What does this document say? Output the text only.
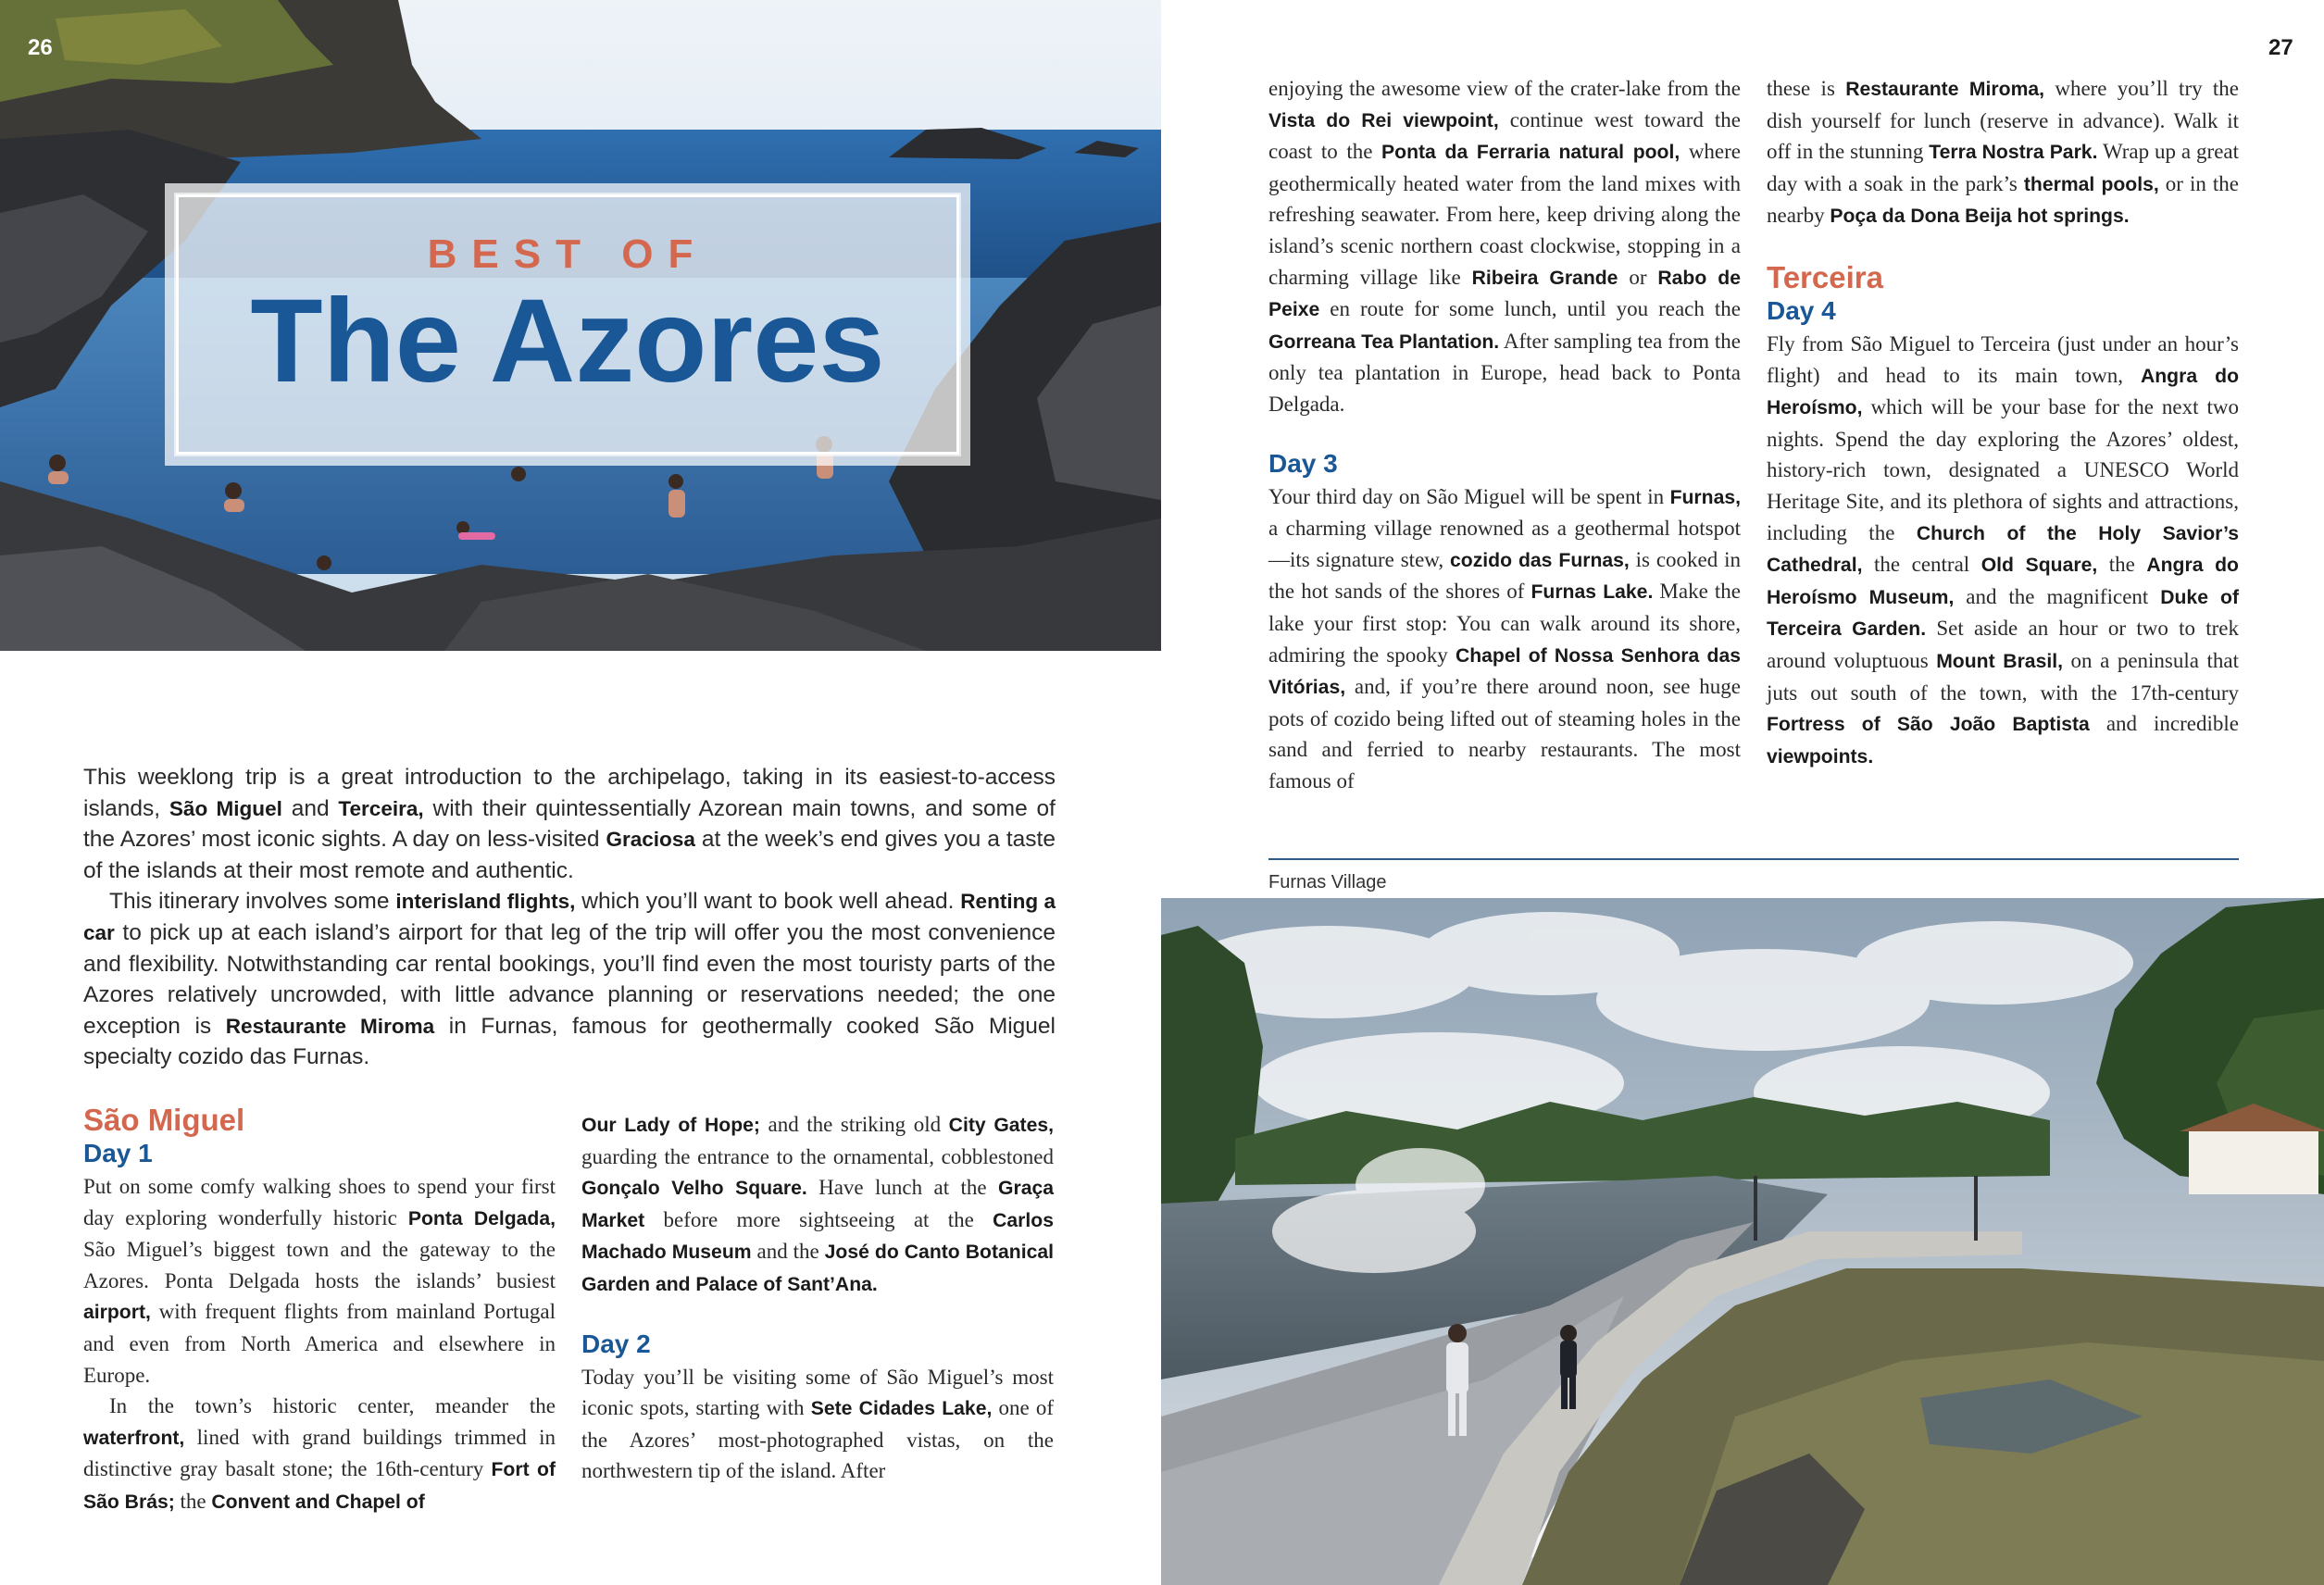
BEST OF
The Azores
26	27

This weeklong trip is a great introduction to the archipelago, taking in its easiest-to-access islands, São Miguel and Terceira, with their quintessentially Azorean main towns, and some of the Azores’ most iconic sights. A day on less-visited Graciosa at the week’s end gives you a taste of the islands at their most remote and authentic.

This itinerary involves some interisland flights, which you’ll want to book well ahead. Renting a car to pick up at each island’s airport for that leg of the trip will offer you the most convenience and flexibility. Notwithstanding car rental bookings, you’ll find even the most touristy parts of the Azores relatively uncrowded, with little advance planning or reservations needed; the one exception is Restaurante Miroma in Furnas, famous for geothermally cooked São Miguel specialty cozido das Furnas.

São Miguel
Day 1

Put on some comfy walking shoes to spend your first day exploring wonderfully historic Ponta Delgada, São Miguel’s biggest town and the gateway to the Azores. Ponta Delgada hosts the islands’ busiest airport, with frequent flights from mainland Portugal and even from North America and elsewhere in Europe.

In the town’s historic center, meander the waterfront, lined with grand buildings trimmed in distinctive gray basalt stone; the 16th-century Fort of São Brás; the Convent and Chapel of

Our Lady of Hope; and the striking old City Gates, guarding the entrance to the ornamental, cobblestoned Gonçalo Velho Square. Have lunch at the Graça Market before more sightseeing at the Carlos Machado Museum and the José do Canto Botanical Garden and Palace of Sant’Ana.

Day 2

Today you’ll be visiting some of São Miguel’s most iconic spots, starting with Sete Cidades Lake, one of the Azores’ most-photographed vistas, on the northwestern tip of the island. After

enjoying the awesome view of the crater-lake from the Vista do Rei viewpoint, continue west toward the coast to the Ponta da Ferraria natural pool, where geothermically heated water from the land mixes with refreshing seawater. From here, keep driving along the island’s scenic northern coast clockwise, stopping in a charming village like Ribeira Grande or Rabo de Peixe en route for some lunch, until you reach the Gorreana Tea Plantation. After sampling tea from the only tea plantation in Europe, head back to Ponta Delgada.

Day 3

Your third day on São Miguel will be spent in Furnas, a charming village renowned as a geothermal hotspot—its signature stew, cozido das Furnas, is cooked in the hot sands of the shores of Furnas Lake. Make the lake your first stop: You can walk around its shore, admiring the spooky Chapel of Nossa Senhora das Vitórias, and, if you’re there around noon, see huge pots of cozido being lifted out of steaming holes in the sand and ferried to nearby restaurants. The most famous of

these is Restaurante Miroma, where you’ll try the dish yourself for lunch (reserve in advance). Walk it off in the stunning Terra Nostra Park. Wrap up a great day with a soak in the park’s thermal pools, or in the nearby Poça da Dona Beija hot springs.

Terceira
Day 4

Fly from São Miguel to Terceira (just under an hour’s flight) and head to its main town, Angra do Heroísmo, which will be your base for the next two nights. Spend the day exploring the Azores’ oldest, history-rich town, designated a UNESCO World Heritage Site, and its plethora of sights and attractions, including the Church of the Holy Savior’s Cathedral, the central Old Square, the Angra do Heroísmo Museum, and the magnificent Duke of Terceira Garden. Set aside an hour or two to trek around voluptuous Mount Brasil, on a peninsula that juts out south of the town, with the 17th-century Fortress of São João Baptista and incredible viewpoints.

Furnas Village
